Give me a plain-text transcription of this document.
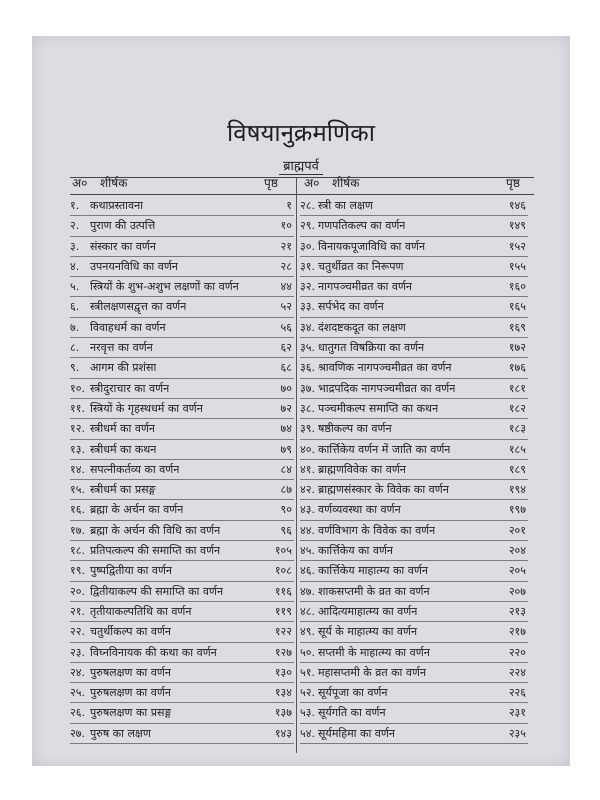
विषयानुक्रमणिका
ब्राह्मपर्व
अ० शीर्षक	पृष्ठ अ० शीर्षक	पृष्ठ
१. कथाप्रस्तावना	१
२. पुराण की उत्पत्ति	१०
३. संस्कार का वर्णन	२१
४. उपनयनविधि का वर्णन	२८
५. स्त्रियों के शुभ-अशुभ लक्षणों का वर्णन	४४
६. स्त्रीलक्षणसद्वृत्त का वर्णन	५२
७. विवाहधर्म का वर्णन	५६
८. नरवृत्त का वर्णन	६२
९. आगम की प्रशंसा	६८
१०. स्त्रीदुराचार का वर्णन	७०
११. स्त्रियों के गृहस्थधर्म का वर्णन	७२
१२. स्त्रीधर्म का वर्णन	७४
१३. स्त्रीधर्म का कथन	७९
१४. सपत्नीकर्तव्य का वर्णन	८४
१५. स्त्रीधर्म का प्रसङ्ग	८७
१६. ब्रह्मा के अर्चन का वर्णन	९०
१७. ब्रह्मा के अर्चन की विधि का वर्णन	९६
१८. प्रतिपत्कल्प की समाप्ति का वर्णन	१०५
१९. पुष्पद्वितीया का वर्णन	१०८
२०. द्वितीयाकल्प की समाप्ति का वर्णन	११६
२१. तृतीयाकल्पतिथि का वर्णन	११९
२२. चतुर्थीकल्प का वर्णन	१२२
२३. विघ्नविनायक की कथा का वर्णन	१२७
२४. पुरुषलक्षण का वर्णन	१३०
२५. पुरुषलक्षण का वर्णन	१३४
२६. पुरुषलक्षण का प्रसङ्ग	१३७
२७. पुरुष का लक्षण	१४३
२८. स्त्री का लक्षण	१४६
२९. गणपतिकल्प का वर्णन	१४९
३०. विनायकपूजाविधि का वर्णन	१५२
३१. चतुर्थीव्रत का निरूपण	१५५
३२. नागपञ्चमीव्रत का वर्णन	१६०
३३. सर्पभेद का वर्णन	१६५
३४. दंशदष्टकदूत का लक्षण	१६९
३५. धातुगत विषक्रिया का वर्णन	१७२
३६. श्रावणिक नागपञ्चमीव्रत का वर्णन	१७६
३७. भाद्रपदिक नागपञ्चमीव्रत का वर्णन	१८१
३८. पञ्चमीकल्प समाप्ति का कथन	१८२
३९. षष्ठीकल्प का वर्णन	१८३
४०. कार्त्तिकेय वर्णन में जाति का वर्णन	१८५
४१. ब्राह्मणविवेक का वर्णन	१८९
४२. ब्राह्मणसंस्कार के विवेक का वर्णन	१९४
४३. वर्णव्यवस्था का वर्णन	१९७
४४. वर्णविभाग के विवेक का वर्णन	२०१
४५. कार्त्तिकेय का वर्णन	२०४
४६. कार्त्तिकेय माहात्म्य का वर्णन	२०५
४७. शाकसप्तमी के व्रत का वर्णन	२०७
४८. आदित्यमाहात्म्य का वर्णन	२१३
४९. सूर्य के माहात्म्य का वर्णन	२१७
५०. सप्तमी के माहात्म्य का वर्णन	२२०
५१. महासप्तमी के व्रत का वर्णन	२२४
५२. सूर्यपूजा का वर्णन	२२६
५३. सूर्यगति का वर्णन	२३१
५४. सूर्यमहिमा का वर्णन	२३५
